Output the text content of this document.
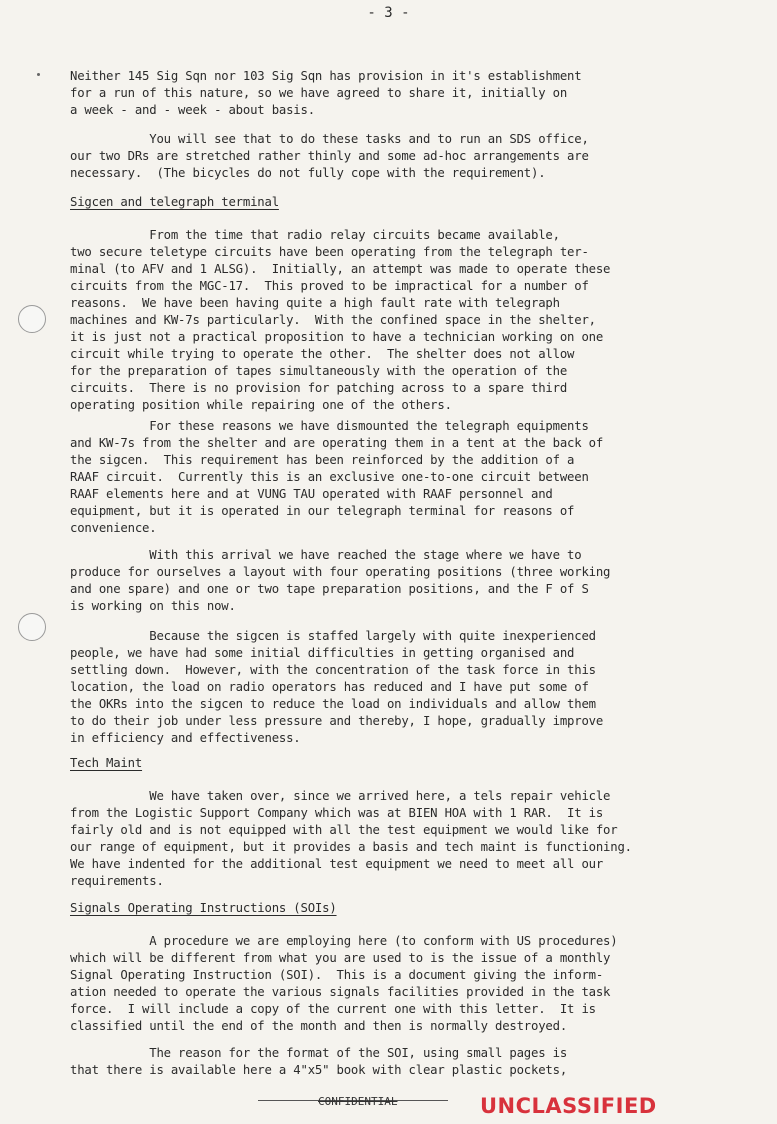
- 3 -
Neither 145 Sig Sqn nor 103 Sig Sqn has provision in it's establishment
for a run of this nature, so we have agreed to share it, initially on
a week - and - week - about basis.
You will see that to do these tasks and to run an SDS office,
our two DRs are stretched rather thinly and some ad-hoc arrangements are
necessary.  (The bicycles do not fully cope with the requirement).
Sigcen and telegraph terminal
From the time that radio relay circuits became available,
two secure teletype circuits have been operating from the telegraph ter-
minal (to AFV and 1 ALSG).  Initially, an attempt was made to operate these
circuits from the MGC-17.  This proved to be impractical for a number of
reasons.  We have been having quite a high fault rate with telegraph
machines and KW-7s particularly.  With the confined space in the shelter,
it is just not a practical proposition to have a technician working on one
circuit while trying to operate the other.  The shelter does not allow
for the preparation of tapes simultaneously with the operation of the
circuits.  There is no provision for patching across to a spare third
operating position while repairing one of the others.
For these reasons we have dismounted the telegraph equipments
and KW-7s from the shelter and are operating them in a tent at the back of
the sigcen.  This requirement has been reinforced by the addition of a
RAAF circuit.  Currently this is an exclusive one-to-one circuit between
RAAF elements here and at VUNG TAU operated with RAAF personnel and
equipment, but it is operated in our telegraph terminal for reasons of
convenience.
With this arrival we have reached the stage where we have to
produce for ourselves a layout with four operating positions (three working
and one spare) and one or two tape preparation positions, and the F of S
is working on this now.
Because the sigcen is staffed largely with quite inexperienced
people, we have had some initial difficulties in getting organised and
settling down.  However, with the concentration of the task force in this
location, the load on radio operators has reduced and I have put some of
the OKRs into the sigcen to reduce the load on individuals and allow them
to do their job under less pressure and thereby, I hope, gradually improve
in efficiency and effectiveness.
Tech Maint
We have taken over, since we arrived here, a tels repair vehicle
from the Logistic Support Company which was at BIEN HOA with 1 RAR.  It is
fairly old and is not equipped with all the test equipment we would like for
our range of equipment, but it provides a basis and tech maint is functioning.
We have indented for the additional test equipment we need to meet all our
requirements.
Signals Operating Instructions (SOIs)
A procedure we are employing here (to conform with US procedures)
which will be different from what you are used to is the issue of a monthly
Signal Operating Instruction (SOI).  This is a document giving the inform-
ation needed to operate the various signals facilities provided in the task
force.  I will include a copy of the current one with this letter.  It is
classified until the end of the month and then is normally destroyed.
The reason for the format of the SOI, using small pages is
that there is available here a 4"x5" book with clear plastic pockets,
CONFIDENTIAL	UNCLASSIFIED
